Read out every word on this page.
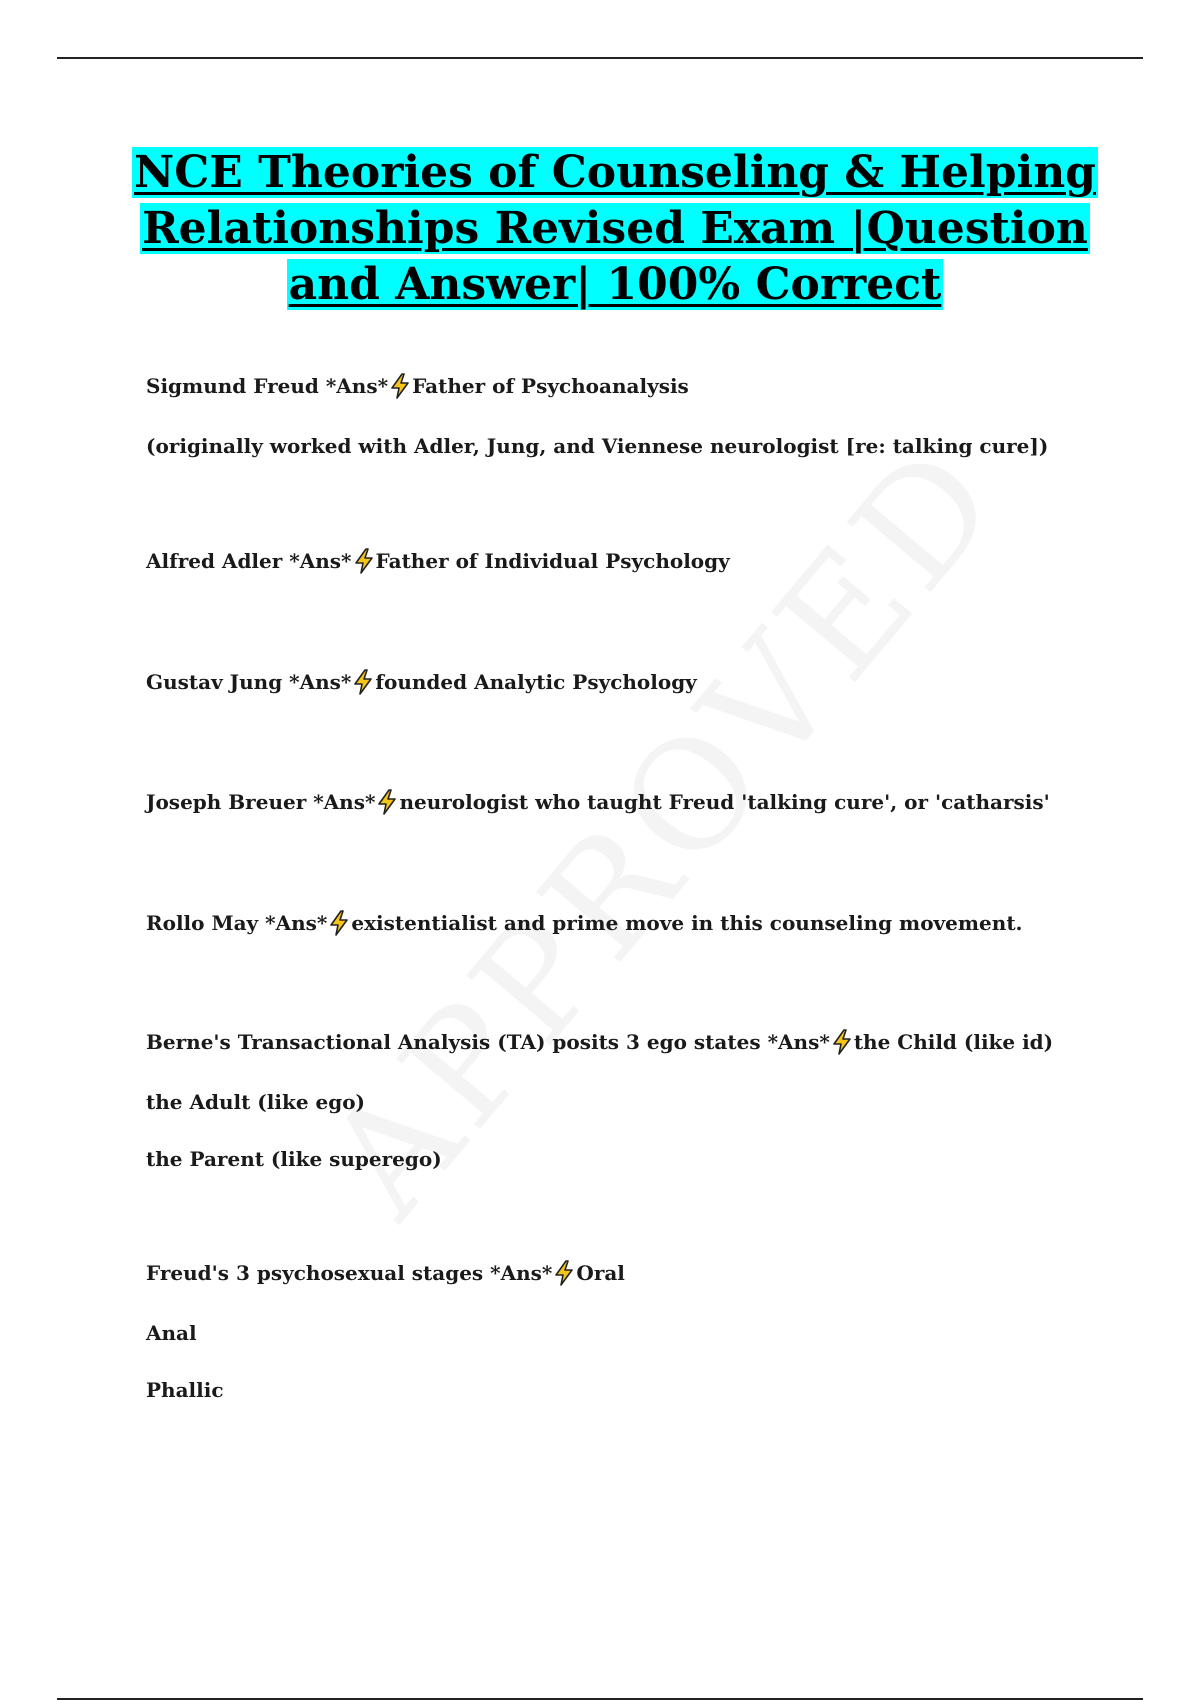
NCE Theories of Counseling & Helping Relationships Revised Exam |Question and Answer| 100% Correct
Sigmund Freud *Ans* Father of Psychoanalysis
(originally worked with Adler, Jung, and Viennese neurologist [re: talking cure])
Alfred Adler *Ans* Father of Individual Psychology
Gustav Jung *Ans* founded Analytic Psychology
Joseph Breuer *Ans* neurologist who taught Freud 'talking cure', or 'catharsis'
Rollo May *Ans* existentialist and prime move in this counseling movement.
Berne's Transactional Analysis (TA) posits 3 ego states *Ans* the Child (like id)
the Adult (like ego)
the Parent (like superego)
Freud's 3 psychosexual stages *Ans* Oral
Anal
Phallic
